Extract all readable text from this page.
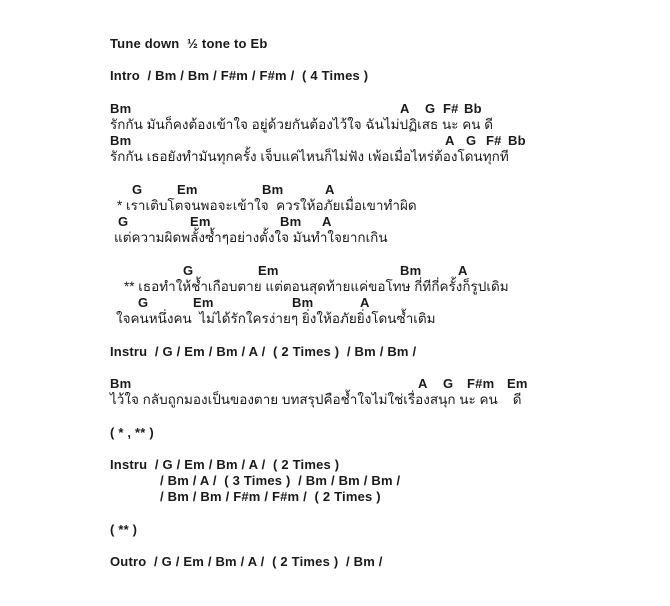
Tune down  ½ tone to Eb
Intro  / Bm / Bm / F#m / F#m /  ( 4 Times )
Bm	A G F# Bb
รักกัน มันก็คงต้องเข้าใจ อยู่ด้วยกันต้องไว้ใจ ฉันไม่ปฏิเสธ นะ คน ดี
Bm	A G F# Bb
รักกัน เธอยังทำมันทุกครั้ง เจ็บแค่ไหนก็ไม่ฟัง เพ้อเมื่อไหร่ต้องโดนทุกที
G	Em	Bm	A
* เราเติบโตจนพอจะเข้าใจ  ควรให้อภัยเมื่อเขาทำผิด
G	Em	Bm A
แต่ความผิดพลั้งซ้ำๆอย่างตั้งใจ มันทำใจยากเกิน
G	Em	Bm	A
** เธอทำให้ช้ำเกือบตาย แต่ตอนสุดท้ายแค่ขอโทษ กี่ทีกี่ครั้งก็รูปเดิม
G	Em	Bm	A
ใจคนหนึ่งคน  ไม่ได้รักใครง่ายๆ ยิ่งให้อภัยยิ่งโดนซ้ำเติม
Instru  / G / Em / Bm / A /  ( 2 Times )  / Bm / Bm /
Bm	A G F#m Em
ไว้ใจ กลับถูกมองเป็นของตาย บทสรุปคือช้ำใจไม่ใช่เรื่องสนุก นะ คน    ดี
( * , ** )
Instru  / G / Em / Bm / A /  ( 2 Times )
/ Bm / A /  ( 3 Times )  / Bm / Bm / Bm /
/ Bm / Bm / F#m / F#m /  ( 2 Times )
( ** )
Outro  / G / Em / Bm / A /  ( 2 Times )  / Bm /
